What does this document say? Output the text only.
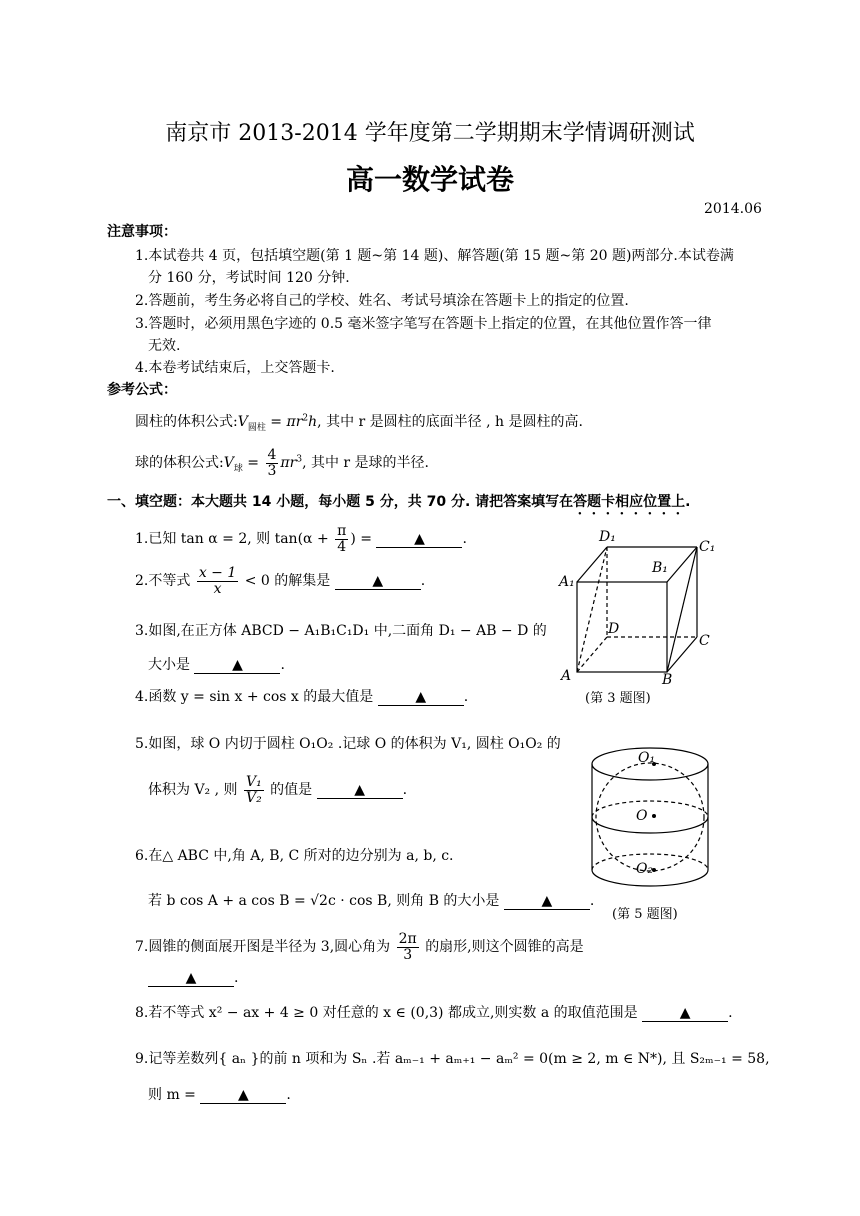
南京市 2013-2014 学年度第二学期期末学情调研测试
高一数学试卷
2014.06
注意事项：
1.本试卷共 4 页，包括填空题(第 1 题~第 14 题)、解答题(第 15 题~第 20 题)两部分.本试卷满
分 160 分，考试时间 120 分钟.
2.答题前，考生务必将自己的学校、姓名、考试号填涂在答题卡上的指定的位置.
3.答题时，必须用黑色字迹的 0.5 毫米签字笔写在答题卡上指定的位置，在其他位置作答一律
无效.
4.本卷考试结束后，上交答题卡.
参考公式：
圆柱的体积公式$:V_{圆柱} = \pi r^2h$, 其中 r 是圆柱的底面半径 , h 是圆柱的高.
球的体积公式$:V_球 = \frac{4}{3} \pi r^3$, 其中 r 是球的半径.
一、填空题：本大题共 14 小题，每小题 5 分，共 70 分. 请把答案填写在答题卡相应位置上.
1.已知 tan α = 2, 则 $\tan(\alpha + \frac{\pi}{4}$ ) =	▲	.
2.不等式 $\frac{x - 1}{x} < 0$ 的解集是	▲	.
3.如图,在正方体 ABCD − A₁B₁C₁D₁ 中,二面角 D₁ − AB − D 的
大小是	▲	.
4.函数 y = sin x + cos x 的最大值是	▲	.
5.如图，球 O 内切于圆柱 O₁O₂ .记球 O 的体积为 V₁, 圆柱 O₁O₂ 的
体积为 V₂ , 则 $\frac{\text{V₁}}{\text{V₂}}$ 的值是	▲	.
6.在△ ABC 中,角 A, B, C 所对的边分别为 a, b, c.
若 b cos A + a cos B = √2c · cos B, 则角 B 的大小是	▲	.
7.圆锥的侧面展开图是半径为 3,圆心角为 $\frac{2\pi}{3}$ 的扇形,则这个圆锥的高是
▲	.
8.若不等式 x² − ax + 4 ≥ 0 对任意的 x ∈ (0,3) 都成立,则实数 a 的取值范围是	▲	.
9.记等差数列{ aₙ }的前 n 项和为 Sₙ .若 aₘ₋₁ + aₘ₊₁ − aₘ² = 0(m ≥ 2, m ∈ N*), 且 S₂ₘ₋₁ = 58,
则 m =	▲	.
D₁
C₁
B₁
A₁
D
C
A	B
(第 3 题图)
O₁
O
O₂
(第 5 题图)
